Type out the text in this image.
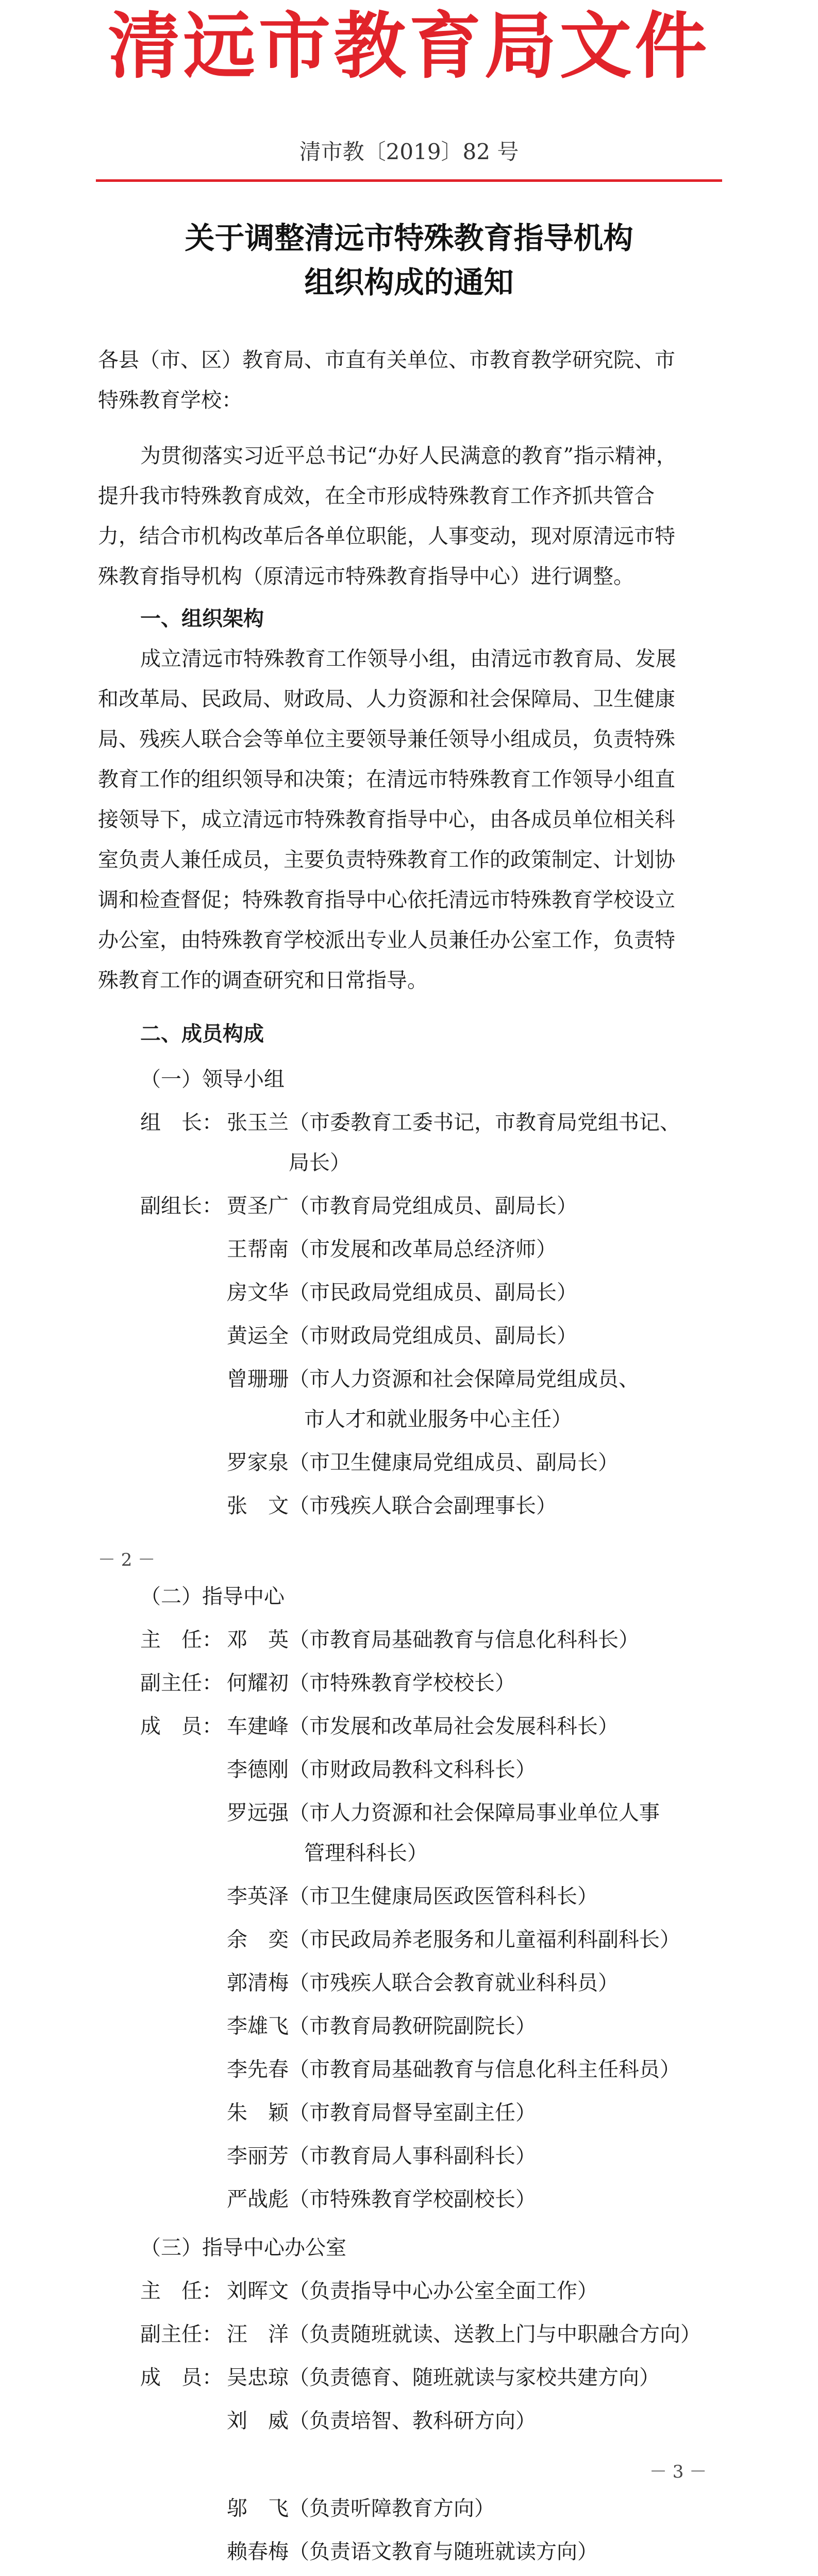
清远市教育局文件
清市教〔2019〕82 号
关于调整清远市特殊教育指导机构
组织构成的通知
各县（市、区）教育局、市直有关单位、市教育教学研究院、市
特殊教育学校：
为贯彻落实习近平总书记“办好人民满意的教育”指示精神，
提升我市特殊教育成效，在全市形成特殊教育工作齐抓共管合
力，结合市机构改革后各单位职能，人事变动，现对原清远市特
殊教育指导机构（原清远市特殊教育指导中心）进行调整。
一、组织架构
成立清远市特殊教育工作领导小组，由清远市教育局、发展
和改革局、民政局、财政局、人力资源和社会保障局、卫生健康
局、残疾人联合会等单位主要领导兼任领导小组成员，负责特殊
教育工作的组织领导和决策；在清远市特殊教育工作领导小组直
接领导下，成立清远市特殊教育指导中心，由各成员单位相关科
室负责人兼任成员，主要负责特殊教育工作的政策制定、计划协
调和检查督促；特殊教育指导中心依托清远市特殊教育学校设立
办公室，由特殊教育学校派出专业人员兼任办公室工作，负责特
殊教育工作的调查研究和日常指导。
二、成员构成
（一）领导小组
组　长： 张玉兰（市委教育工委书记，市教育局党组书记、
局长）
副组长： 贾圣广（市教育局党组成员、副局长）
王帮南（市发展和改革局总经济师）
房文华（市民政局党组成员、副局长）
黄运全（市财政局党组成员、副局长）
曾珊珊（市人力资源和社会保障局党组成员、
市人才和就业服务中心主任）
罗家泉（市卫生健康局党组成员、副局长）
张　文（市残疾人联合会副理事长）
－ 2 －
（二）指导中心
主　任： 邓　英（市教育局基础教育与信息化科科长）
副主任： 何耀初（市特殊教育学校校长）
成　员： 车建峰（市发展和改革局社会发展科科长）
李德刚（市财政局教科文科科长）
罗远强（市人力资源和社会保障局事业单位人事
管理科科长）
李英泽（市卫生健康局医政医管科科长）
余　奕（市民政局养老服务和儿童福利科副科长）
郭清梅（市残疾人联合会教育就业科科员）
李雄飞（市教育局教研院副院长）
李先春（市教育局基础教育与信息化科主任科员）
朱　颖（市教育局督导室副主任）
李丽芳（市教育局人事科副科长）
严战彪（市特殊教育学校副校长）
（三）指导中心办公室
主　任： 刘晖文（负责指导中心办公室全面工作）
副主任： 汪　洋（负责随班就读、送教上门与中职融合方向）
成　员： 吴忠琼（负责德育、随班就读与家校共建方向）
刘　威（负责培智、教科研方向）
－ 3 －
邬　飞（负责听障教育方向）
赖春梅（负责语文教育与随班就读方向）
